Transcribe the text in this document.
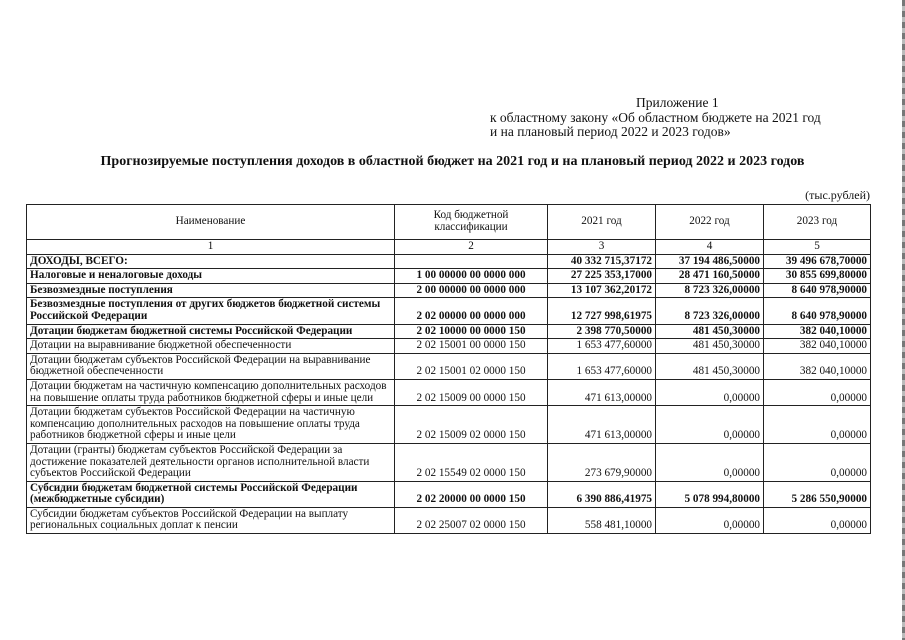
Приложение 1
к областному закону «Об областном бюджете на 2021 год
и на плановый период 2022 и 2023 годов»
Прогнозируемые поступления доходов в областной бюджет на 2021 год и на плановый период 2022 и 2023 годов
(тыс.рублей)
Наименование	Код бюджетной классификации	2021 год	2022 год	2023 год
1	2	3	4	5
ДОХОДЫ, ВСЕГО:		40 332 715,37172	37 194 486,50000	39 496 678,70000
Налоговые и неналоговые доходы	1 00 00000 00 0000 000	27 225 353,17000	28 471 160,50000	30 855 699,80000
Безвозмездные поступления	2 00 00000 00 0000 000	13 107 362,20172	8 723 326,00000	8 640 978,90000
Безвозмездные поступления от других бюджетов бюджетной системы Российской Федерации	2 02 00000 00 0000 000	12 727 998,61975	8 723 326,00000	8 640 978,90000
Дотации бюджетам бюджетной системы Российской Федерации	2 02 10000 00 0000 150	2 398 770,50000	481 450,30000	382 040,10000
Дотации на выравнивание бюджетной обеспеченности	2 02 15001 00 0000 150	1 653 477,60000	481 450,30000	382 040,10000
Дотации бюджетам субъектов Российской Федерации на выравнивание бюджетной обеспеченности	2 02 15001 02 0000 150	1 653 477,60000	481 450,30000	382 040,10000
Дотации бюджетам на частичную компенсацию дополнительных расходов на повышение оплаты труда работников бюджетной сферы и иные цели	2 02 15009 00 0000 150	471 613,00000	0,00000	0,00000
Дотации бюджетам субъектов Российской Федерации на частичную компенсацию дополнительных расходов на повышение оплаты труда работников бюджетной сферы и иные цели	2 02 15009 02 0000 150	471 613,00000	0,00000	0,00000
Дотации (гранты) бюджетам субъектов Российской Федерации за достижение показателей деятельности органов исполнительной власти субъектов Российской Федерации	2 02 15549 02 0000 150	273 679,90000	0,00000	0,00000
Субсидии бюджетам бюджетной системы Российской Федерации (межбюджетные субсидии)	2 02 20000 00 0000 150	6 390 886,41975	5 078 994,80000	5 286 550,90000
Субсидии бюджетам субъектов Российской Федерации на выплату региональных социальных доплат к пенсии	2 02 25007 02 0000 150	558 481,10000	0,00000	0,00000
